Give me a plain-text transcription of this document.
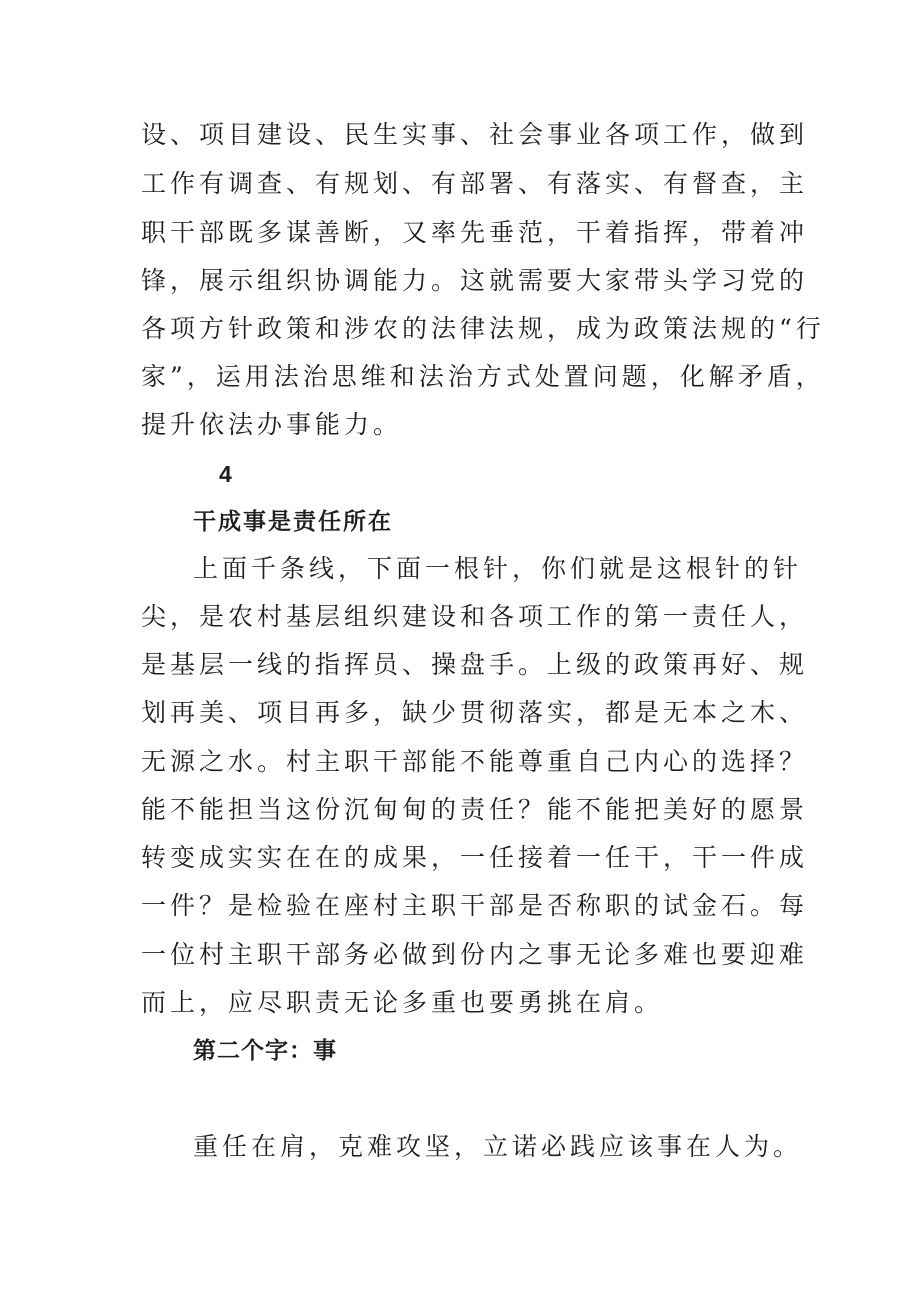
设、项目建设、民生实事、社会事业各项工作，做到

工作有调查、有规划、有部署、有落实、有督查，主

职干部既多谋善断，又率先垂范，干着指挥，带着冲

锋，展示组织协调能力。这就需要大家带头学习党的

各项方针政策和涉农的法律法规，成为政策法规的“行

家”，运用法治思维和法治方式处置问题，化解矛盾，

提升依法办事能力。

4

干成事是责任所在

上面千条线，下面一根针，你们就是这根针的针

尖，是农村基层组织建设和各项工作的第一责任人，

是基层一线的指挥员、操盘手。上级的政策再好、规

划再美、项目再多，缺少贯彻落实，都是无本之木、

无源之水。村主职干部能不能尊重自己内心的选择？

能不能担当这份沉甸甸的责任？能不能把美好的愿景

转变成实实在在的成果，一任接着一任干，干一件成

一件？是检验在座村主职干部是否称职的试金石。每

一位村主职干部务必做到份内之事无论多难也要迎难

而上，应尽职责无论多重也要勇挑在肩。

第二个字：事

重任在肩，克难攻坚，立诺必践应该事在人为。
